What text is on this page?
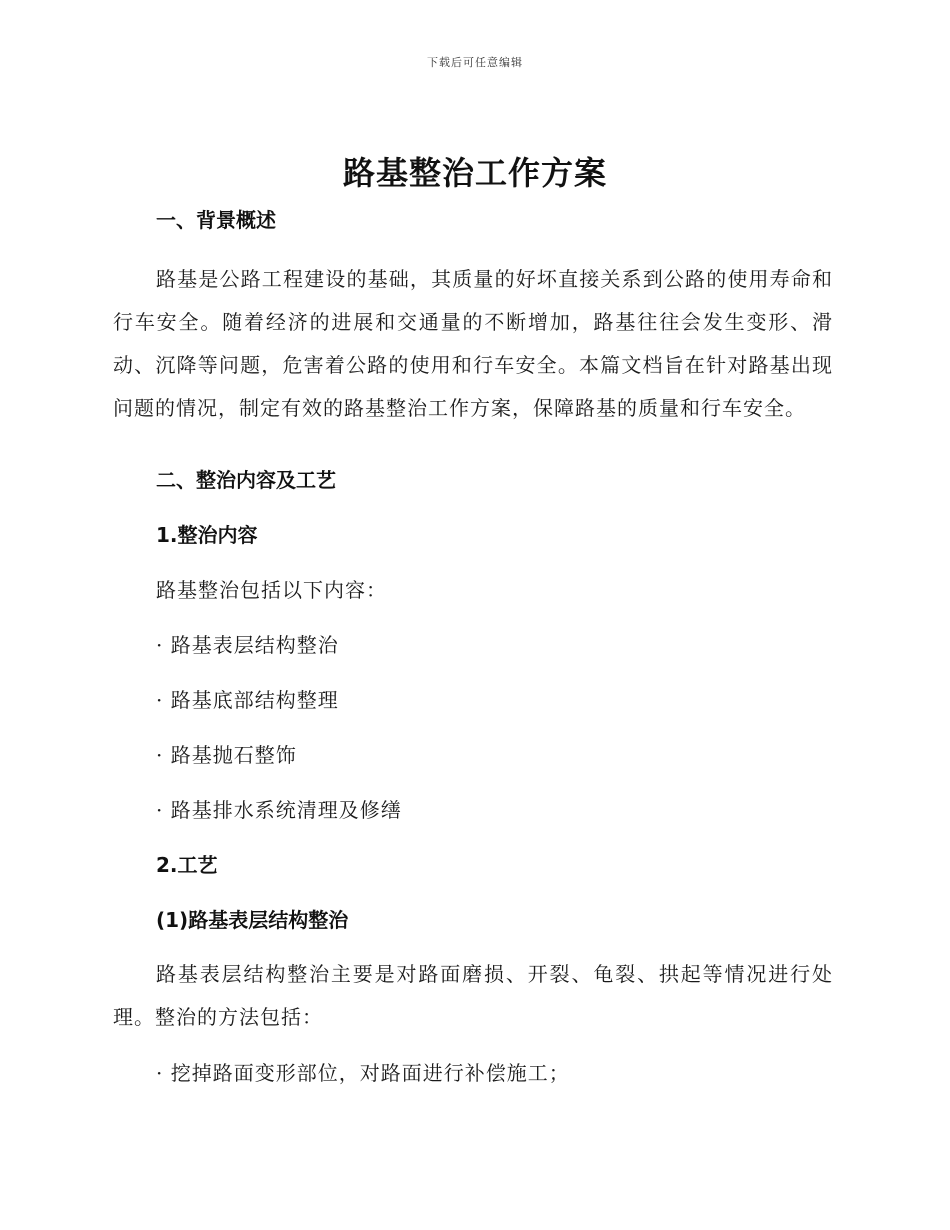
下载后可任意编辑
路基整治工作方案
一、背景概述
路基是公路工程建设的基础，其质量的好坏直接关系到公路的使用寿命和行车安全。随着经济的进展和交通量的不断增加，路基往往会发生变形、滑动、沉降等问题，危害着公路的使用和行车安全。本篇文档旨在针对路基出现问题的情况，制定有效的路基整治工作方案，保障路基的质量和行车安全。
二、整治内容及工艺
1.整治内容
路基整治包括以下内容：
· 路基表层结构整治
· 路基底部结构整理
· 路基抛石整饰
· 路基排水系统清理及修缮
2.工艺
(1)路基表层结构整治
路基表层结构整治主要是对路面磨损、开裂、龟裂、拱起等情况进行处理。整治的方法包括：
· 挖掉路面变形部位，对路面进行补偿施工；
